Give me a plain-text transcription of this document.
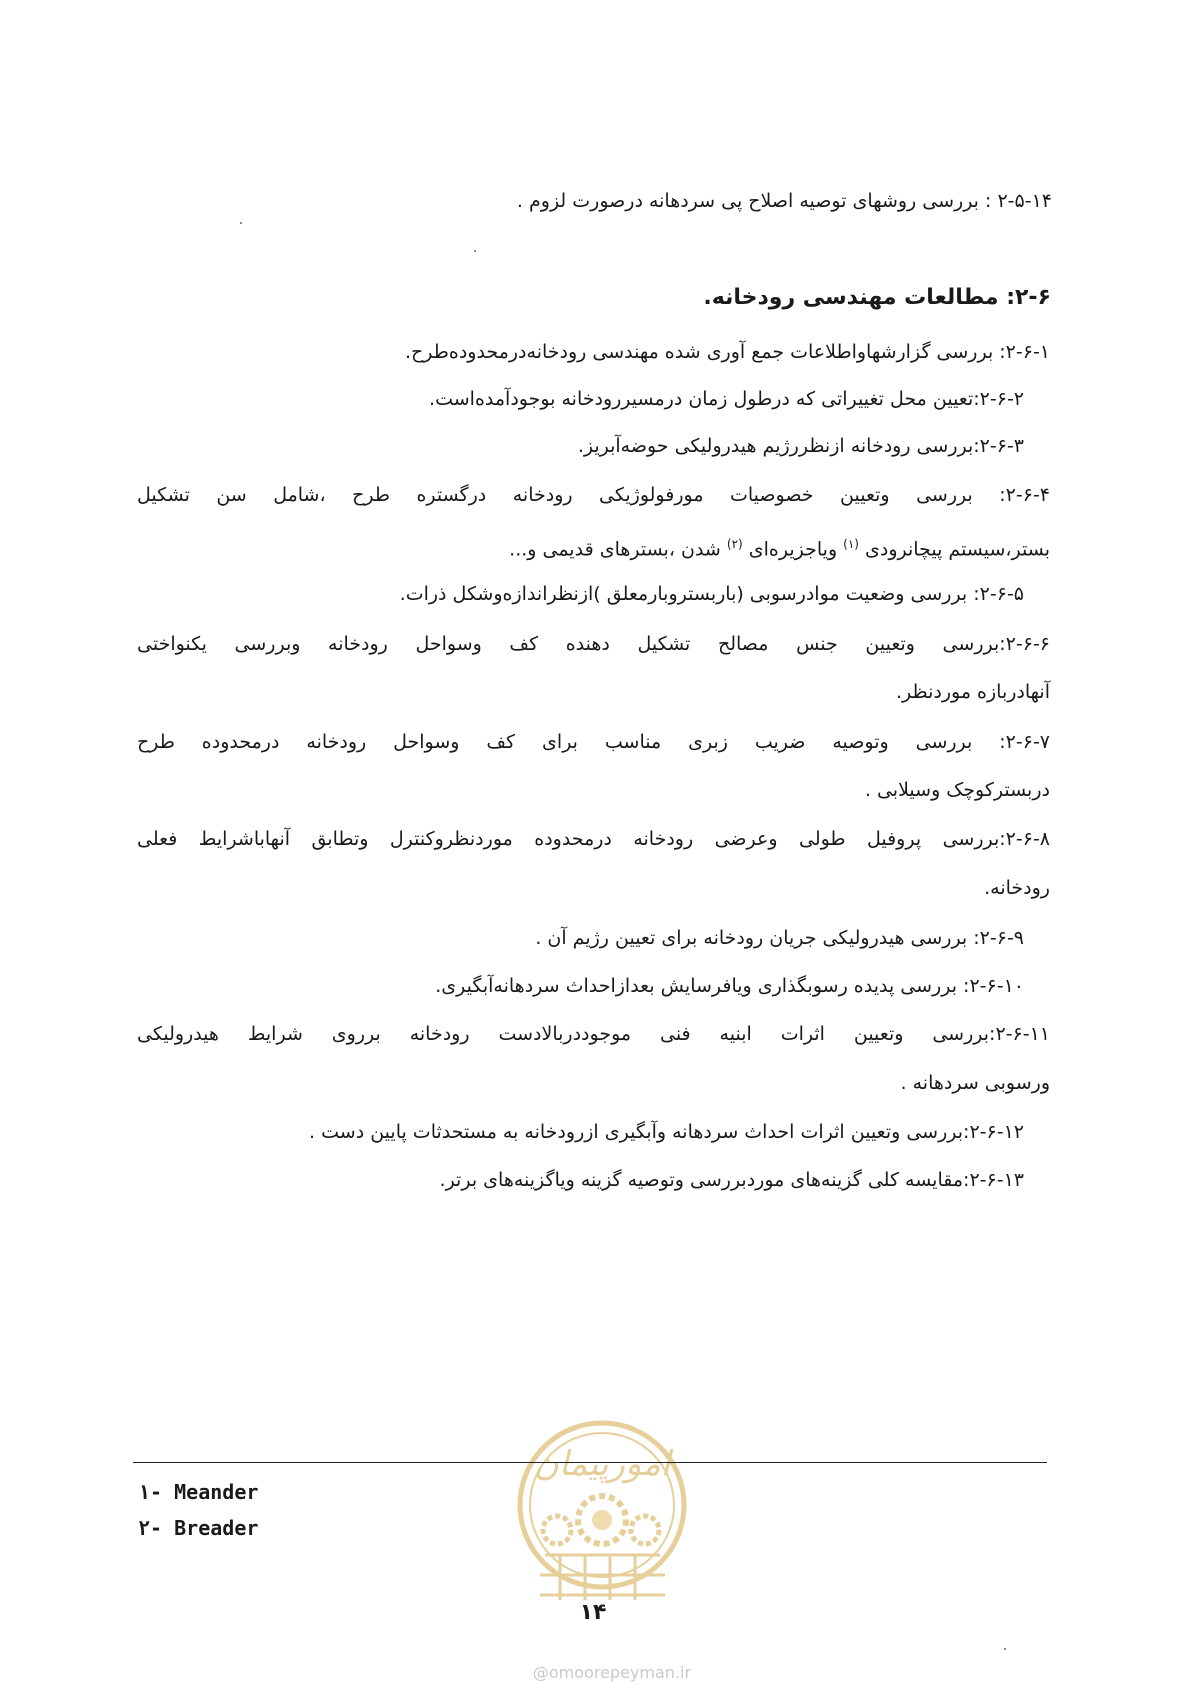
۲-۵-۱۴ : بررسی روشهای توصیه اصلاح پی سردهانه درصورت لزوم .
۲-۶: مطالعات مهندسی رودخانه.
۲-۶-۱: بررسی گزارشهاواطلاعات جمع آوری شده مهندسی رودخانه‌درمحدوده‌طرح.
۲-۶-۲:تعیین محل تغییراتی که درطول زمان درمسیررودخانه بوجودآمده‌است.
۲-۶-۳:بررسی رودخانه ازنظررژیم هیدرولیکی حوضه‌آبریز.
۲-۶-۴: بررسی وتعیین خصوصیات مورفولوژیکی رودخانه درگستره طرح ،شامل سن تشکیل
بستر،سیستم پیچانرودی $^{(۱)}$ ویاجزیره‌ای $^{(۲)}$ شدن ،بسترهای قدیمی و...
۲-۶-۵: بررسی وضعیت موادرسوبی (باربستروبارمعلق )ازنظراندازه‌وشکل ذرات.
۲-۶-۶:بررسی وتعیین جنس مصالح تشکیل دهنده کف وسواحل رودخانه وبررسی یکنواختی
آنهادربازه موردنظر.
۲-۶-۷: بررسی وتوصیه ضریب زبری مناسب برای کف وسواحل رودخانه درمحدوده طرح
دربسترکوچک وسیلابی .
۲-۶-۸:بررسی پروفیل طولی وعرضی رودخانه درمحدوده موردنظروکنترل وتطابق آنهاباشرایط فعلی
رودخانه.
۲-۶-۹: بررسی هیدرولیکی جریان رودخانه برای تعیین رژیم آن .
۲-۶-۱۰: بررسی پدیده رسوبگذاری ویافرسایش بعدازاحداث سردهانه‌آبگیری.
۲-۶-۱۱:بررسی وتعیین اثرات ابنیه فنی موجوددربالادست رودخانه برروی شرایط هیدرولیکی
ورسوبی سردهانه .
۲-۶-۱۲:بررسی وتعیین اثرات احداث سردهانه وآبگیری ازرودخانه به مستحدثات پایین دست .
۲-۶-۱۳:مقایسه کلی گزینه‌های موردبررسی وتوصیه گزینه ویاگزینه‌های برتر.
امورپیمان
۱- Meander
۲- Breader
۱۴
@omoorepeyman.ir
